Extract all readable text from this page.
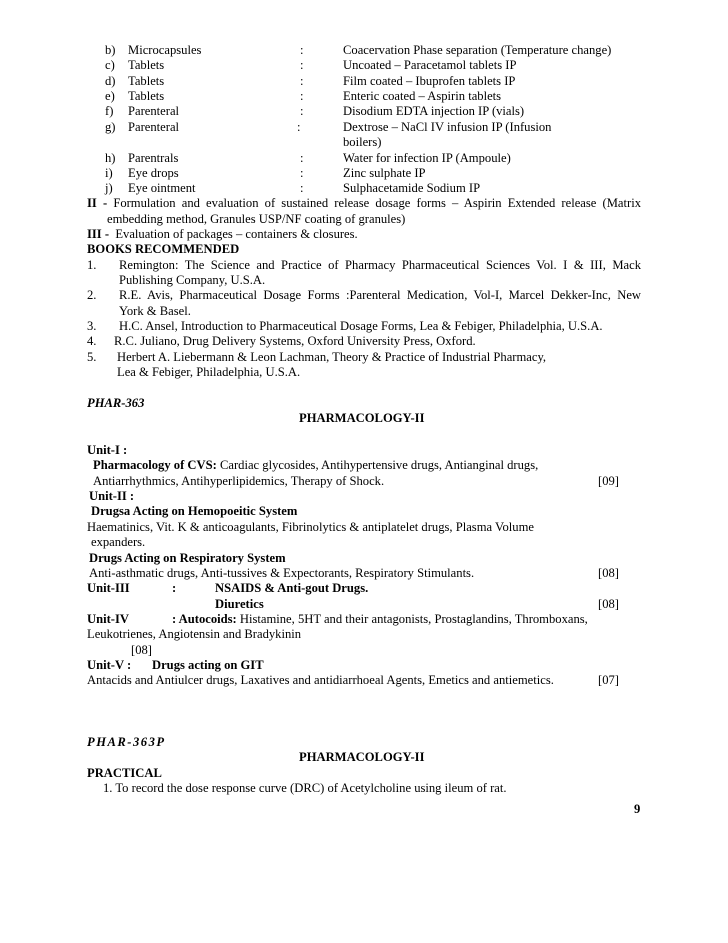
b) Microcapsules	:	Coacervation Phase separation (Temperature change)
c) Tablets	:	Uncoated – Paracetamol tablets IP
d) Tablets	:	Film coated – Ibuprofen tablets IP
e) Tablets	:	Enteric coated – Aspirin tablets
f) Parenteral	:	Disodium EDTA injection IP (vials)
g) Parenteral	:	Dextrose – NaCl IV infusion IP (Infusion
boilers)
h) Parentrals	:	Water for infection IP (Ampoule)
i) Eye drops	:	Zinc sulphate IP
j) Eye ointment	:	Sulphacetamide Sodium IP
II - Formulation and evaluation of sustained release dosage forms – Aspirin Extended release (Matrix
embedding method, Granules USP/NF coating of granules)
III - Evaluation of packages – containers & closures.
BOOKS RECOMMENDED
1. Remington: The Science and Practice of Pharmacy Pharmaceutical Sciences Vol. I & III, Mack
Publishing Company, U.S.A.
2. R.E. Avis, Pharmaceutical Dosage Forms :Parenteral Medication, Vol-I, Marcel Dekker-Inc, New
York & Basel.
3. H.C. Ansel, Introduction to Pharmaceutical Dosage Forms, Lea & Febiger, Philadelphia, U.S.A.
4. R.C. Juliano, Drug Delivery Systems, Oxford University Press, Oxford.
5. Herbert A. Liebermann & Leon Lachman, Theory & Practice of Industrial Pharmacy,
Lea & Febiger, Philadelphia, U.S.A.
PHAR-363
PHARMACOLOGY-II
Unit-I :
Pharmacology of CVS: Cardiac glycosides, Antihypertensive drugs, Antianginal drugs,
Antiarrhythmics, Antihyperlipidemics, Therapy of Shock.	[09]
Unit-II :
Drugsa Acting on Hemopoeitic System
Haematinics, Vit. K & anticoagulants, Fibrinolytics & antiplatelet drugs, Plasma Volume
expanders.
Drugs Acting on Respiratory System
Anti-asthmatic drugs, Anti-tussives & Expectorants, Respiratory Stimulants.	[08]
Unit-III	:	NSAIDS & Anti-gout Drugs.
Diuretics	[08]
Unit-IV	: Autocoids: Histamine, 5HT and their antagonists, Prostaglandins, Thromboxans,
Leukotrienes, Angiotensin and Bradykinin
[08]
Unit-V : Drugs acting on GIT
Antacids and Antiulcer drugs, Laxatives and antidiarrhoeal Agents, Emetics and antiemetics.	[07]
PHAR-363P
PHARMACOLOGY-II
PRACTICAL
1. To record the dose response curve (DRC) of Acetylcholine using ileum of rat.
9
